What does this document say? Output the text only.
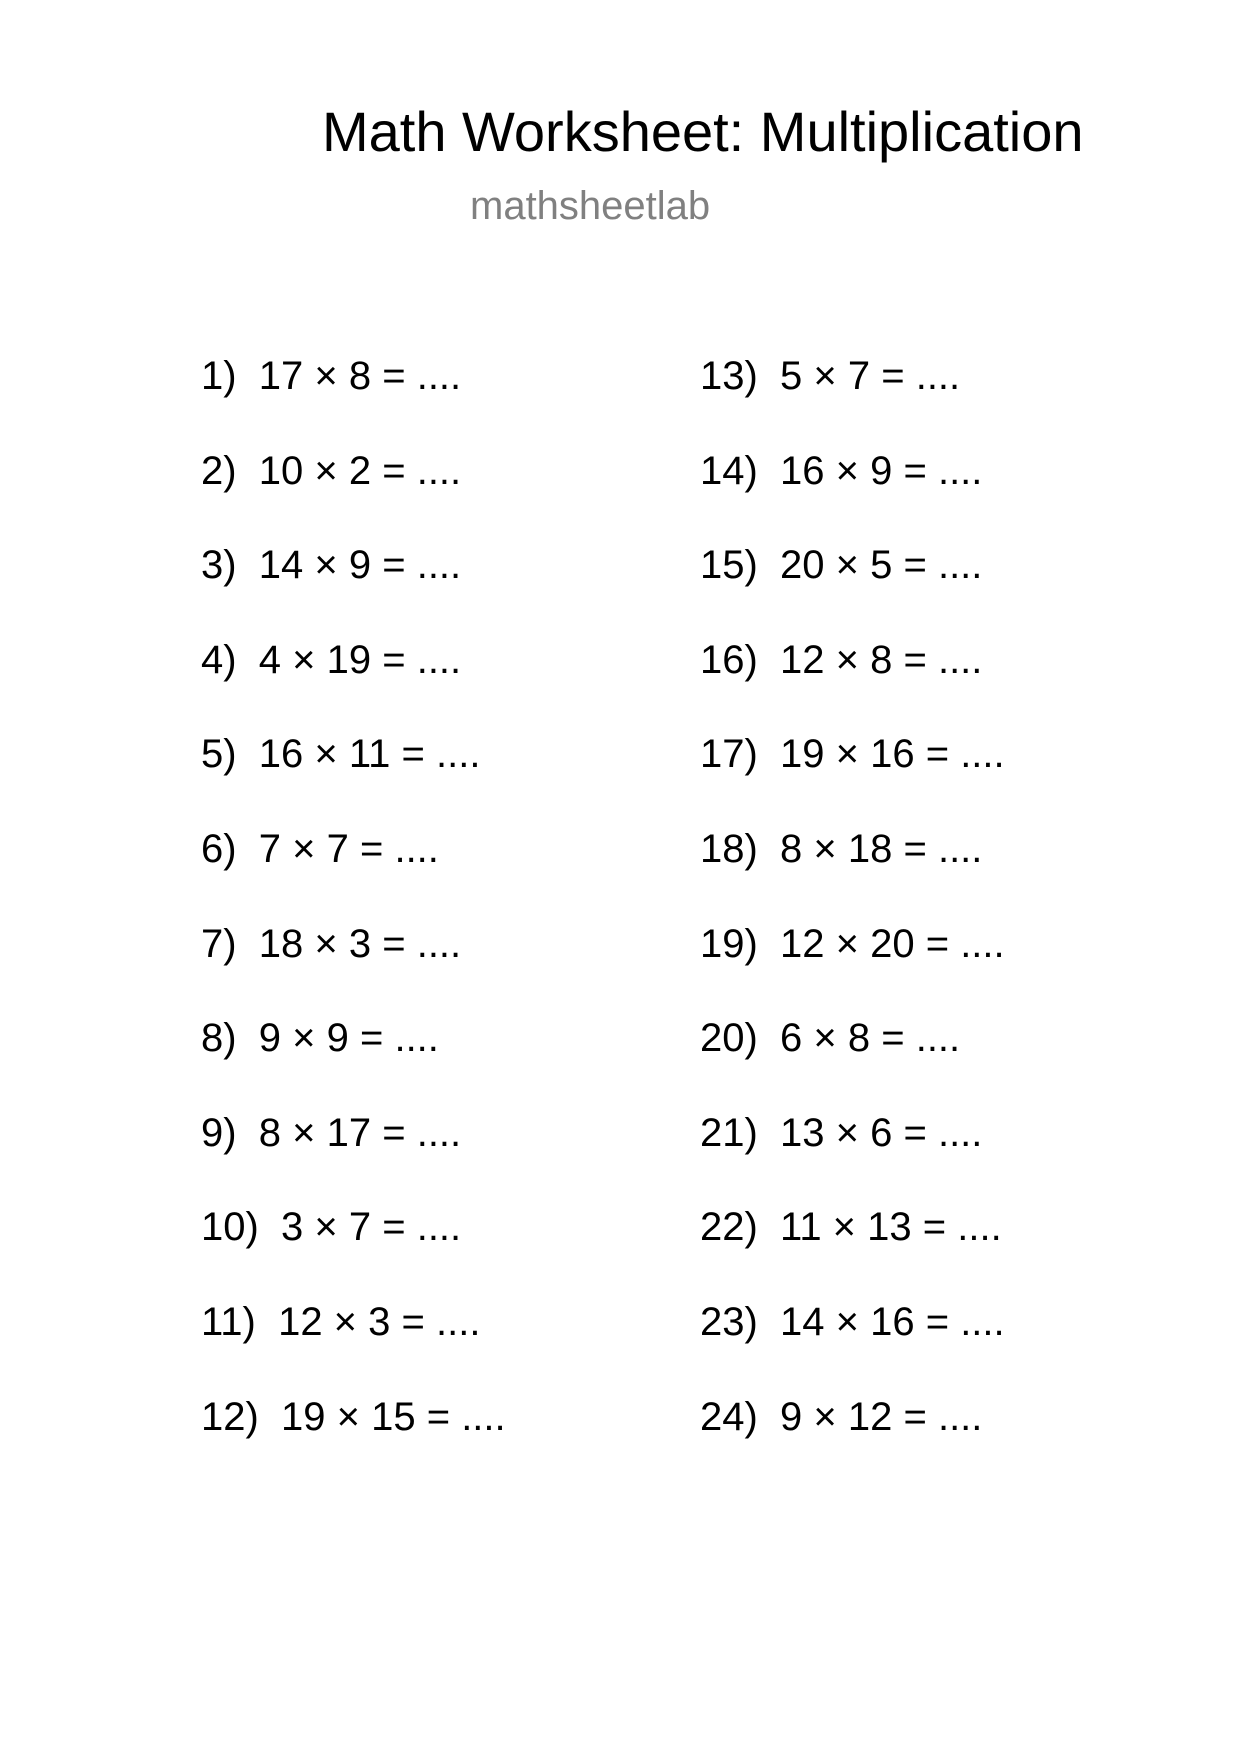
Math Worksheet: Multiplication
mathsheetlab
1)  17 × 8 = ....
2)  10 × 2 = ....
3)  14 × 9 = ....
4)  4 × 19 = ....
5)  16 × 11 = ....
6)  7 × 7 = ....
7)  18 × 3 = ....
8)  9 × 9 = ....
9)  8 × 17 = ....
10)  3 × 7 = ....
11)  12 × 3 = ....
12)  19 × 15 = ....
13)  5 × 7 = ....
14)  16 × 9 = ....
15)  20 × 5 = ....
16)  12 × 8 = ....
17)  19 × 16 = ....
18)  8 × 18 = ....
19)  12 × 20 = ....
20)  6 × 8 = ....
21)  13 × 6 = ....
22)  11 × 13 = ....
23)  14 × 16 = ....
24)  9 × 12 = ....
